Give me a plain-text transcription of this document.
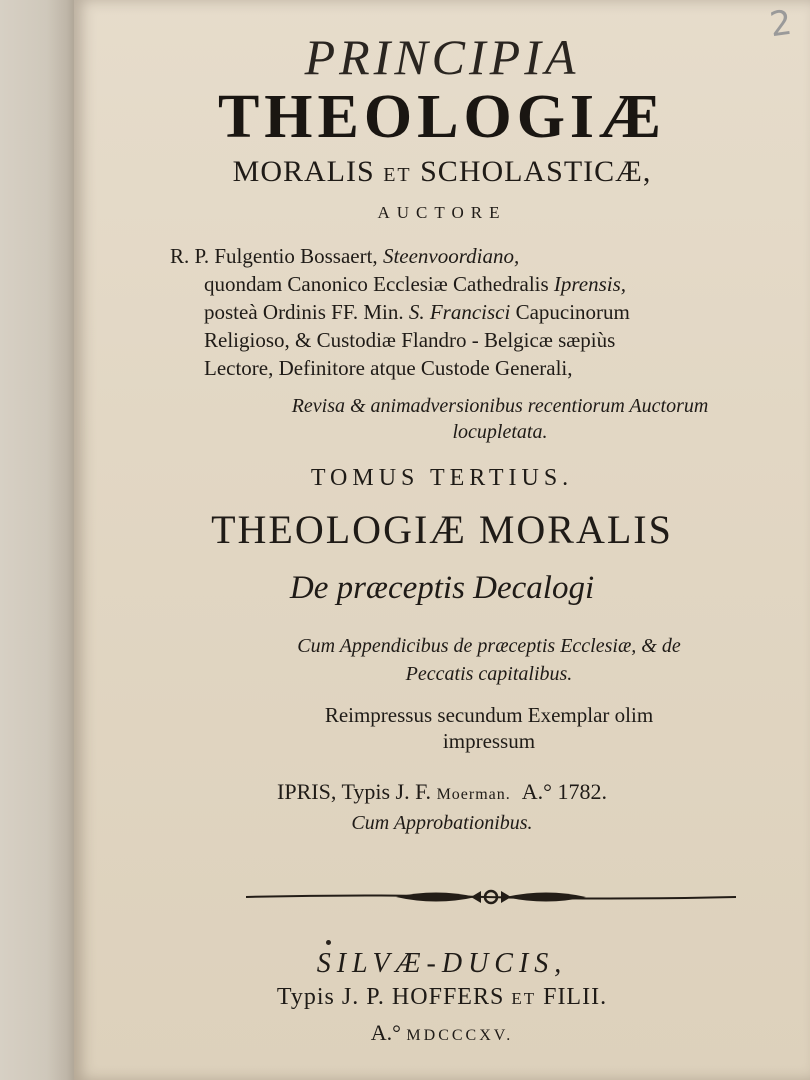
2
PRINCIPIA
THEOLOGIÆ
MORALIS ET SCHOLASTICÆ,
AUCTORE
R. P. Fulgentio Bossaert, Steenvoordiano,
quondam Canonico Ecclesiæ Cathedralis Iprensis,
posteà Ordinis FF. Min. S. Francisci Capucinorum
Religioso, & Custodiæ Flandro - Belgicæ sæpiùs
Lectore, Definitore atque Custode Generali,
Revisa & animadversionibus recentiorum Auctorum
locupletata.
TOMUS TERTIUS.
THEOLOGIÆ MORALIS
De præceptis Decalogi
Cum Appendicibus de præceptis Ecclesiæ, & de
Peccatis capitalibus.
Reimpressus secundum Exemplar olim
impressum
IPRIS, Typis J. F. Moerman. A.° 1782.
Cum Approbationibus.
SILVÆ-DUCIS,
Typis J. P. HOFFERS ET FILII.
A.° MDCCCXV.
